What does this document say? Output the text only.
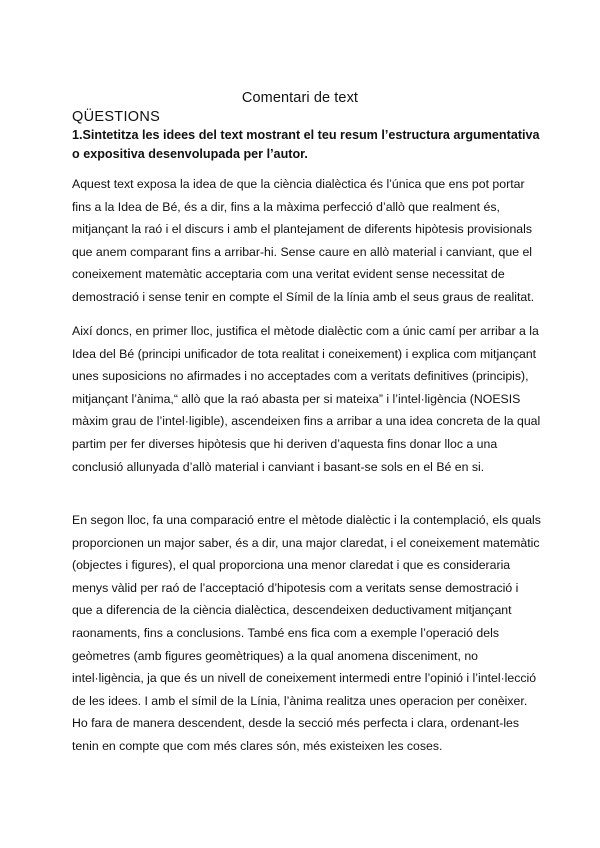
Comentari de text
QÜESTIONS
1.Sintetitza les idees del text mostrant el teu resum l’estructura argumentativa o expositiva desenvolupada per l’autor.

Aquest text exposa la idea de que la ciència dialèctica és l’única que ens pot portar fins a la Idea de Bé, és a dir, fins a la màxima perfecció d’allò que realment és, mitjançant la raó i el discurs i amb el plantejament de diferents hipòtesis provisionals que anem comparant fins a arribar-hi. Sense caure en allò material i canviant, que el coneixement matemàtic acceptaria com una veritat evident sense necessitat de demostració i sense tenir en compte el Símil de la línia amb el seus graus de realitat.

Així doncs, en primer lloc, justifica el mètode dialèctic com a únic camí per arribar a la Idea del Bé (principi unificador de tota realitat i coneixement) i explica com mitjançant unes suposicions no afirmades i no acceptades com a veritats definitives (principis), mitjançant l’ànima,“ allò que la raó abasta per si mateixa” i l’intel·ligència (NOESIS màxim grau de l’intel·ligible), ascendeixen fins a arribar a una idea concreta de la qual partim per fer diverses hipòtesis que hi deriven d’aquesta fins donar lloc a una conclusió allunyada d’allò material i canviant i basant-se sols en el Bé en si.

En segon lloc, fa una comparació entre el mètode dialèctic i la contemplació, els quals proporcionen un major saber, és a dir, una major claredat, i el coneixement matemàtic (objectes i figures), el qual proporciona una menor claredat i que es consideraria menys vàlid per raó de l’acceptació d’hipotesis com a veritats sense demostració i que a diferencia de la ciència dialèctica, descendeixen deductivament mitjançant raonaments, fins a conclusions. També ens fica com a exemple l’operació dels geòmetres (amb figures geomètriques) a la qual anomena disceniment, no intel·ligència, ja que és un nivell de coneixement intermedi entre l’opinió i l’intel·lecció de les idees. I amb el símil de la Línia, l’ànima realitza unes operacion per conèixer. Ho fara de manera descendent, desde la secció més perfecta i clara, ordenant-les tenin en compte que com més clares són, més existeixen les coses.
